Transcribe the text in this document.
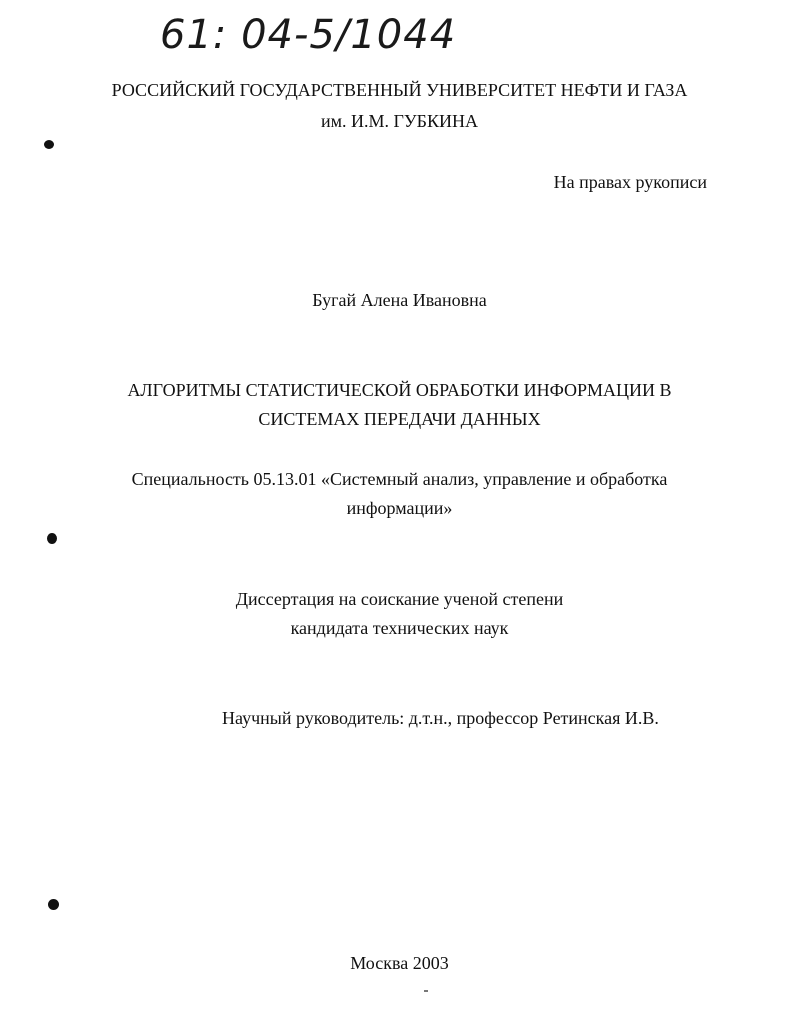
61: 04-5/1044
РОССИЙСКИЙ ГОСУДАРСТВЕННЫЙ УНИВЕРСИТЕТ НЕФТИ И ГАЗА
им. И.М. ГУБКИНА
На правах рукописи
Бугай Алена Ивановна
АЛГОРИТМЫ СТАТИСТИЧЕСКОЙ ОБРАБОТКИ ИНФОРМАЦИИ В
СИСТЕМАХ ПЕРЕДАЧИ ДАННЫХ
Специальность 05.13.01 «Системный анализ, управление и обработка
информации»
Диссертация на соискание ученой степени
кандидата технических наук
Научный руководитель: д.т.н., профессор Ретинская И.В.
Москва 2003
